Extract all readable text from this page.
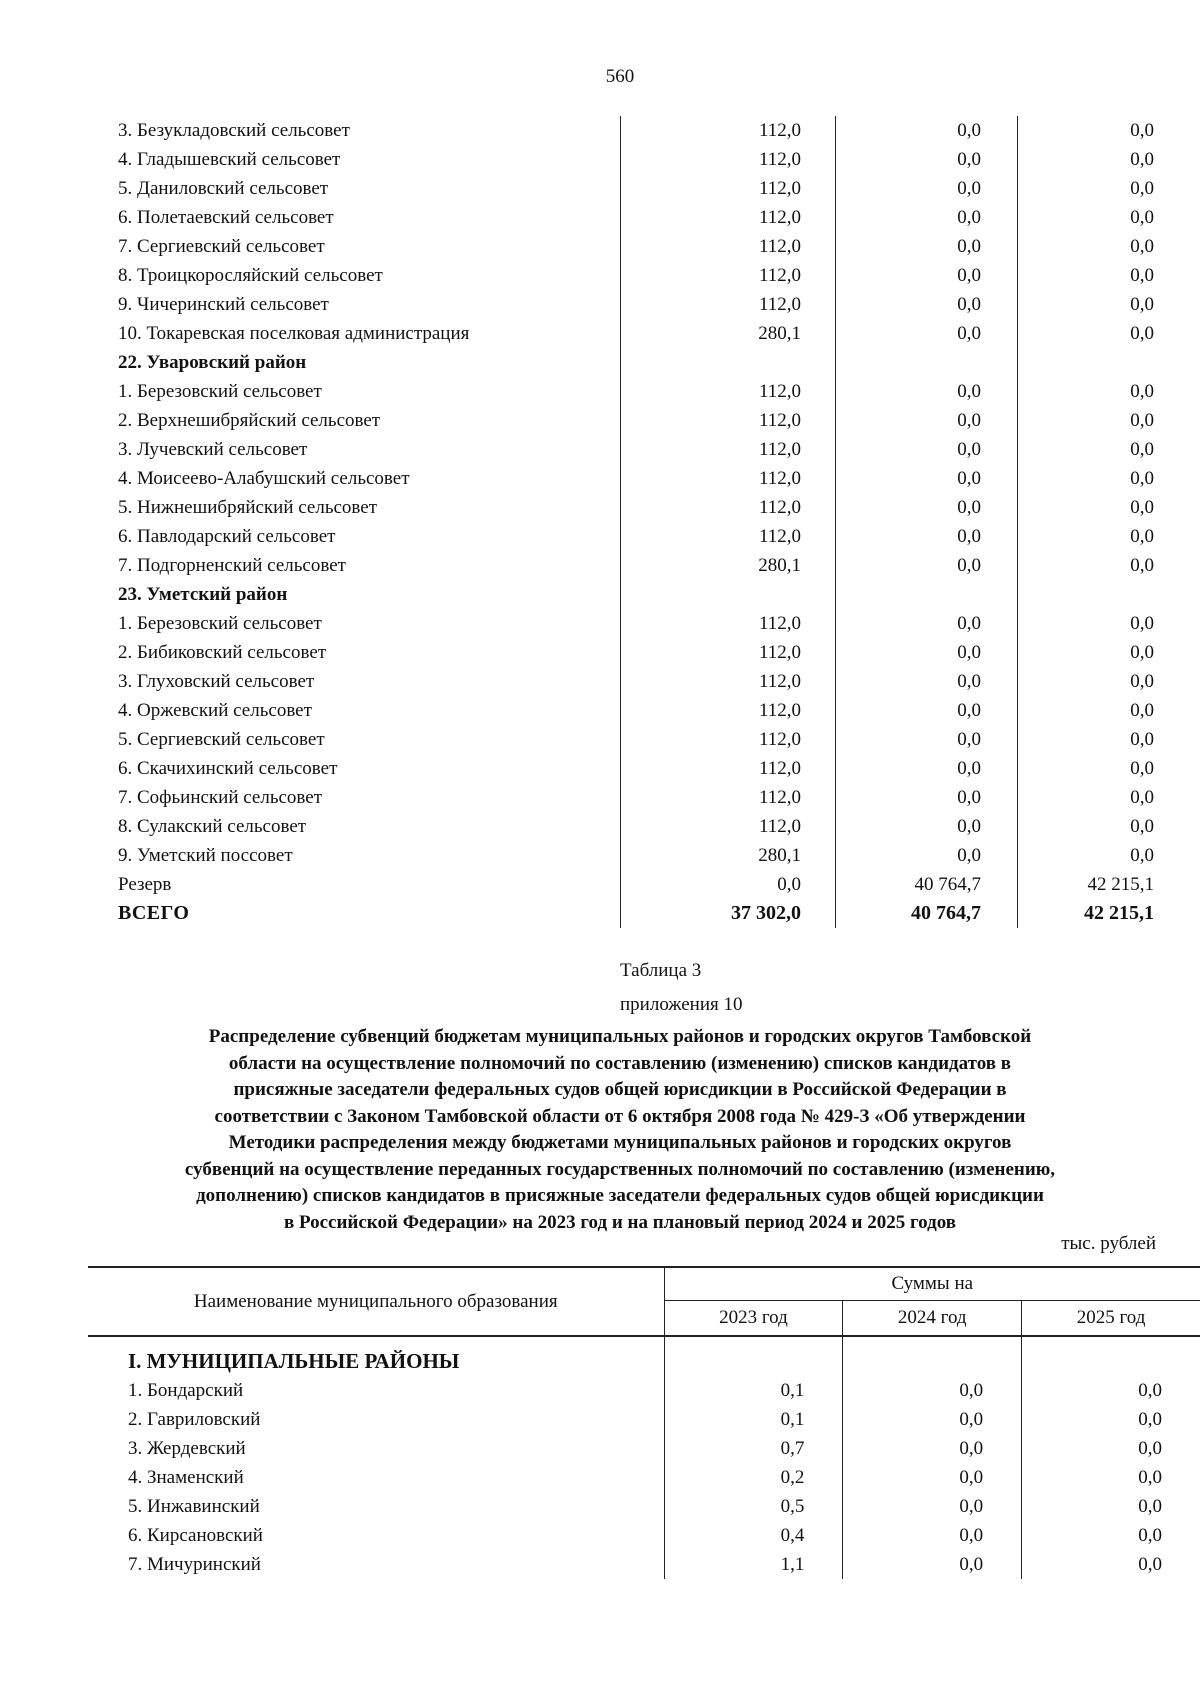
560
3. Безукладовский сельсовет	112,0	0,0	0,0
4. Гладышевский сельсовет	112,0	0,0	0,0
5. Даниловский сельсовет	112,0	0,0	0,0
6. Полетаевский сельсовет	112,0	0,0	0,0
7. Сергиевский сельсовет	112,0	0,0	0,0
8. Троицкоросляйский сельсовет	112,0	0,0	0,0
9. Чичеринский сельсовет	112,0	0,0	0,0
10. Токаревская поселковая администрация	280,1	0,0	0,0
22. Уваровский район			
1. Березовский сельсовет	112,0	0,0	0,0
2. Верхнешибряйский сельсовет	112,0	0,0	0,0
3. Лучевский сельсовет	112,0	0,0	0,0
4. Моисеево-Алабушский сельсовет	112,0	0,0	0,0
5. Нижнешибряйский сельсовет	112,0	0,0	0,0
6. Павлодарский сельсовет	112,0	0,0	0,0
7. Подгорненский сельсовет	280,1	0,0	0,0
23. Уметский район			
1. Березовский сельсовет	112,0	0,0	0,0
2. Бибиковский сельсовет	112,0	0,0	0,0
3. Глуховский сельсовет	112,0	0,0	0,0
4. Оржевский сельсовет	112,0	0,0	0,0
5. Сергиевский сельсовет	112,0	0,0	0,0
6. Скачихинский сельсовет	112,0	0,0	0,0
7. Софьинский сельсовет	112,0	0,0	0,0
8. Сулакский сельсовет	112,0	0,0	0,0
9. Уметский поссовет	280,1	0,0	0,0
Резерв	0,0	40 764,7	42 215,1
ВСЕГО	37 302,0	40 764,7	42 215,1
Таблица 3
приложения 10
Распределение субвенций бюджетам муниципальных районов и городских округов Тамбовской
области на осуществление полномочий по составлению (изменению) списков кандидатов в
присяжные заседатели федеральных судов общей юрисдикции в Российской Федерации в
соответствии с Законом Тамбовской области от 6 октября 2008 года № 429-З «Об утверждении
Методики распределения между бюджетами муниципальных районов и городских округов
субвенций на осуществление переданных государственных полномочий по составлению (изменению,
дополнению) списков кандидатов в присяжные заседатели федеральных судов общей юрисдикции
в Российской Федерации» на 2023 год и на плановый период 2024 и 2025 годов
тыс. рублей
Наименование муниципального образования	Суммы на		
	2023 год	2024 год	2025 год

I. МУНИЦИПАЛЬНЫЕ РАЙОНЫ			
1. Бондарский	0,1	0,0	0,0
2. Гавриловский	0,1	0,0	0,0
3. Жердевский	0,7	0,0	0,0
4. Знаменский	0,2	0,0	0,0
5. Инжавинский	0,5	0,0	0,0
6. Кирсановский	0,4	0,0	0,0
7. Мичуринский	1,1	0,0	0,0
